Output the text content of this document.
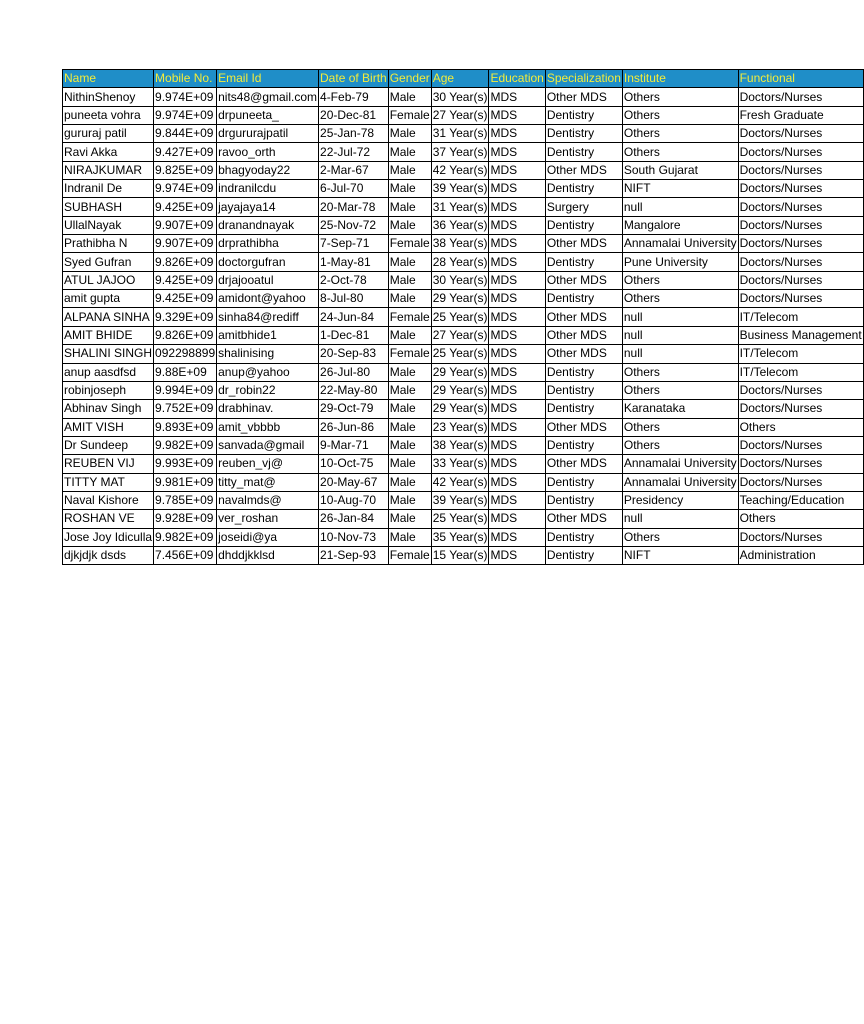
Name	Mobile No.	Email Id	Date of Birth	Gender	Age	Education	Specialization	Institute	Functional
NithinShenoy	9.974E+09	nits48@gmail.com	4-Feb-79	Male	30 Year(s)	MDS	Other MDS	Others	Doctors/Nurses
puneeta vohra	9.974E+09	drpuneeta_	20-Dec-81	Female	27 Year(s)	MDS	Dentistry	Others	Fresh Graduate
gururaj patil	9.844E+09	drgururajpatil	25-Jan-78	Male	31 Year(s)	MDS	Dentistry	Others	Doctors/Nurses
Ravi Akka	9.427E+09	ravoo_orth	22-Jul-72	Male	37 Year(s)	MDS	Dentistry	Others	Doctors/Nurses
NIRAJKUMAR	9.825E+09	bhagyoday22	2-Mar-67	Male	42 Year(s)	MDS	Other MDS	South Gujarat	Doctors/Nurses
Indranil De	9.974E+09	indranilcdu	6-Jul-70	Male	39 Year(s)	MDS	Dentistry	NIFT	Doctors/Nurses
SUBHASH	9.425E+09	jayajaya14	20-Mar-78	Male	31 Year(s)	MDS	Surgery	null	Doctors/Nurses
UllalNayak	9.907E+09	dranandnayak	25-Nov-72	Male	36 Year(s)	MDS	Dentistry	Mangalore	Doctors/Nurses
Prathibha N	9.907E+09	drprathibha	7-Sep-71	Female	38 Year(s)	MDS	Other MDS	Annamalai University	Doctors/Nurses
Syed Gufran	9.826E+09	doctorgufran	1-May-81	Male	28 Year(s)	MDS	Dentistry	Pune University	Doctors/Nurses
ATUL JAJOO	9.425E+09	drjajooatul	2-Oct-78	Male	30 Year(s)	MDS	Other MDS	Others	Doctors/Nurses
amit gupta	9.425E+09	amidont@yahoo	8-Jul-80	Male	29 Year(s)	MDS	Dentistry	Others	Doctors/Nurses
ALPANA SINHA	9.329E+09	sinha84@rediff	24-Jun-84	Female	25 Year(s)	MDS	Other MDS	null	IT/Telecom
AMIT BHIDE	9.826E+09	amitbhide1	1-Dec-81	Male	27 Year(s)	MDS	Other MDS	null	Business Management
SHALINI SINGH	092298899	shalinising	20-Sep-83	Female	25 Year(s)	MDS	Other MDS	null	IT/Telecom
anup aasdfsd	9.88E+09	anup@yahoo	26-Jul-80	Male	29 Year(s)	MDS	Dentistry	Others	IT/Telecom
robinjoseph	9.994E+09	dr_robin22	22-May-80	Male	29 Year(s)	MDS	Dentistry	Others	Doctors/Nurses
Abhinav Singh	9.752E+09	drabhinav.	29-Oct-79	Male	29 Year(s)	MDS	Dentistry	Karanataka	Doctors/Nurses
AMIT VISH	9.893E+09	amit_vbbbb	26-Jun-86	Male	23 Year(s)	MDS	Other MDS	Others	Others
Dr Sundeep	9.982E+09	sanvada@gmail	9-Mar-71	Male	38 Year(s)	MDS	Dentistry	Others	Doctors/Nurses
REUBEN VIJ	9.993E+09	reuben_vj@	10-Oct-75	Male	33 Year(s)	MDS	Other MDS	Annamalai University	Doctors/Nurses
TITTY MAT	9.981E+09	titty_mat@	20-May-67	Male	42 Year(s)	MDS	Dentistry	Annamalai University	Doctors/Nurses
Naval Kishore	9.785E+09	navalmds@	10-Aug-70	Male	39 Year(s)	MDS	Dentistry	Presidency	Teaching/Education
ROSHAN VE	9.928E+09	ver_roshan	26-Jan-84	Male	25 Year(s)	MDS	Other MDS	null	Others
Jose Joy Idiculla	9.982E+09	joseidi@ya	10-Nov-73	Male	35 Year(s)	MDS	Dentistry	Others	Doctors/Nurses
djkjdjk dsds	7.456E+09	dhddjkklsd	21-Sep-93	Female	15 Year(s)	MDS	Dentistry	NIFT	Administration
